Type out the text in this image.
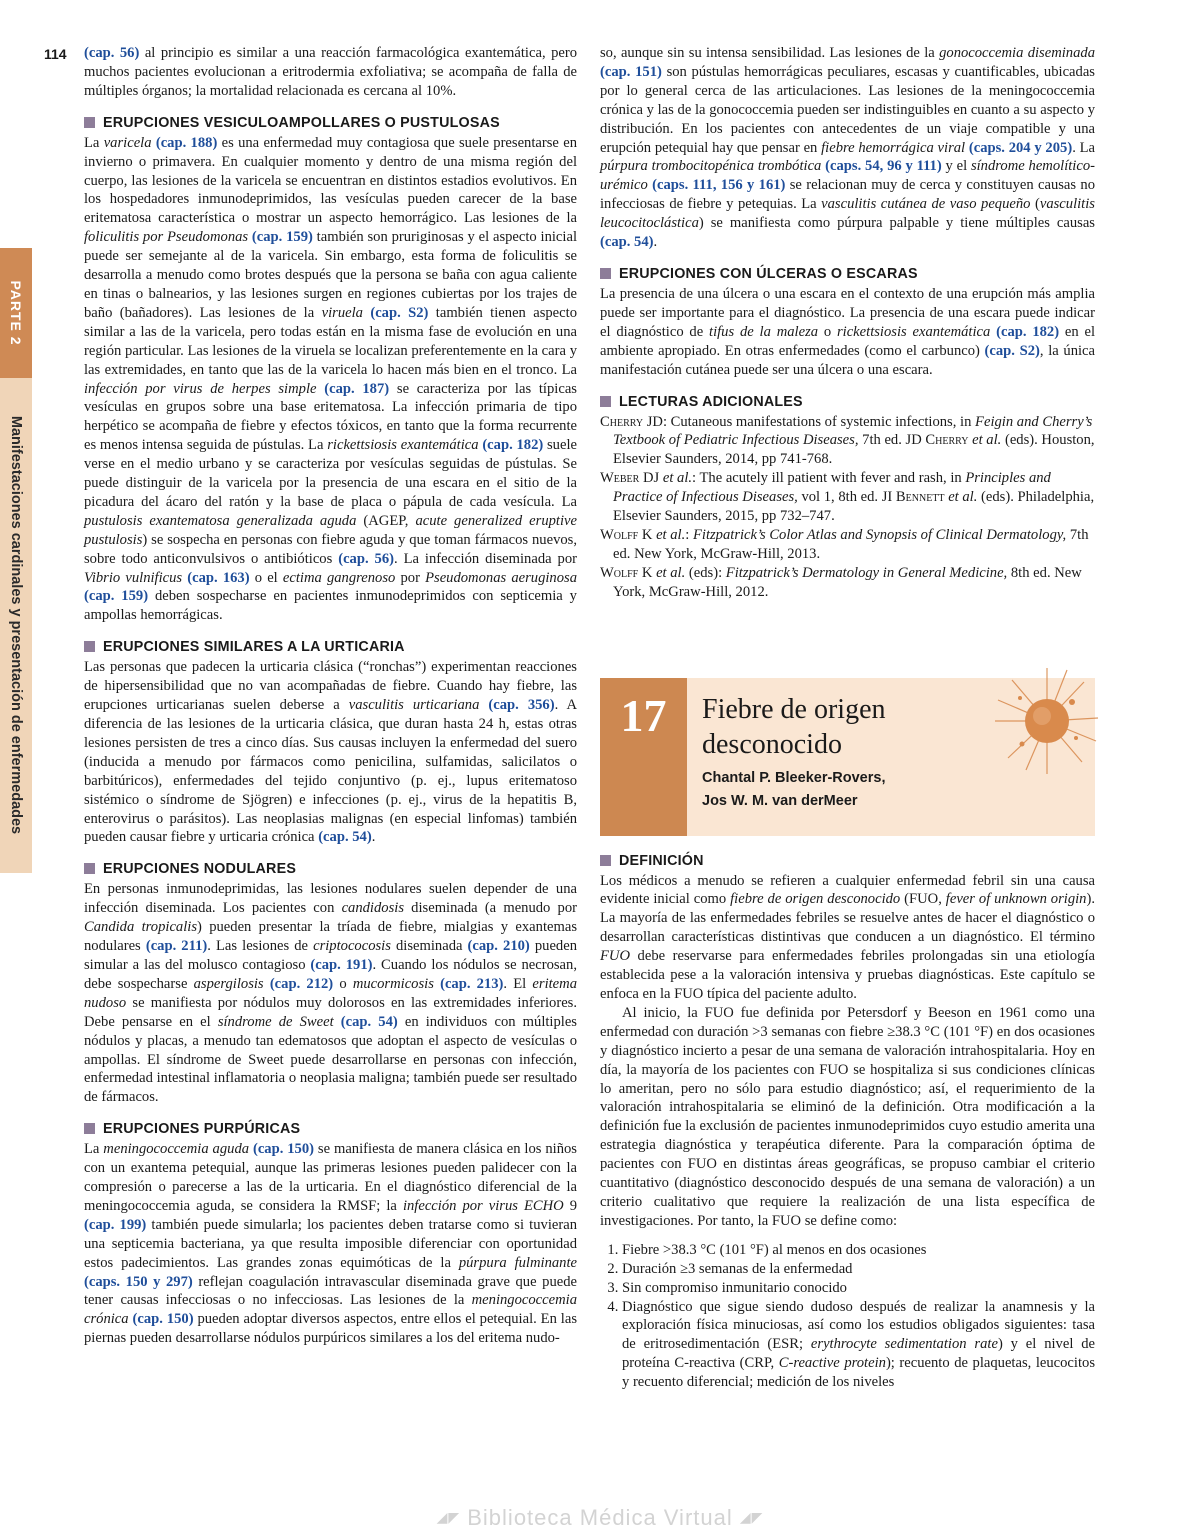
114
PARTE 2
Manifestaciones cardinales y presentación de enfermedades

(cap. 56) al principio es similar a una reacción farmacológica exantemática, pero muchos pacientes evolucionan a eritrodermia exfoliativa; se acompaña de falla de múltiples órganos; la mortalidad relacionada es cercana al 10%.

ERUPCIONES VESICULOAMPOLLARES O PUSTULOSAS

La varicela (cap. 188) es una enfermedad muy contagiosa que suele presentarse en invierno o primavera. En cualquier momento y dentro de una misma región del cuerpo, las lesiones de la varicela se encuentran en distintos estadios evolutivos. En los hospedadores inmunodeprimidos, las vesículas pueden carecer de la base eritematosa característica o mostrar un aspecto hemorrágico. Las lesiones de la foliculitis por Pseudomonas (cap. 159) también son pruriginosas y el aspecto inicial puede ser semejante al de la varicela. Sin embargo, esta forma de foliculitis se desarrolla a menudo como brotes después que la persona se baña con agua caliente en tinas o balnearios, y las lesiones surgen en regiones cubiertas por los trajes de baño (bañadores). Las lesiones de la viruela (cap. S2) también tienen aspecto similar a las de la varicela, pero todas están en la misma fase de evolución en una región particular. Las lesiones de la viruela se localizan preferentemente en la cara y las extremidades, en tanto que las de la varicela lo hacen más bien en el tronco. La infección por virus de herpes simple (cap. 187) se caracteriza por las típicas vesículas en grupos sobre una base eritematosa. La infección primaria de tipo herpético se acompaña de fiebre y efectos tóxicos, en tanto que la forma recurrente es menos intensa seguida de pústulas. La rickettsiosis exantemática (cap. 182) suele verse en el medio urbano y se caracteriza por vesículas seguidas de pústulas. Se puede distinguir de la varicela por la presencia de una escara en el sitio de la picadura del ácaro del ratón y la base de placa o pápula de cada vesícula. La pustulosis exantematosa generalizada aguda (AGEP, acute generalized eruptive pustulosis) se sospecha en personas con fiebre aguda y que toman fármacos nuevos, sobre todo anticonvulsivos o antibióticos (cap. 56). La infección diseminada por Vibrio vulnificus (cap. 163) o el ectima gangrenoso por Pseudomonas aeruginosa (cap. 159) deben sospecharse en pacientes inmunodeprimidos con septicemia y ampollas hemorrágicas.

ERUPCIONES SIMILARES A LA URTICARIA

Las personas que padecen la urticaria clásica (“ronchas”) experimentan reacciones de hipersensibilidad que no van acompañadas de fiebre. Cuando hay fiebre, las erupciones urticarianas suelen deberse a vasculitis urticariana (cap. 356). A diferencia de las lesiones de la urticaria clásica, que duran hasta 24 h, estas otras lesiones persisten de tres a cinco días. Sus causas incluyen la enfermedad del suero (inducida a menudo por fármacos como penicilina, sulfamidas, salicilatos o barbitúricos), enfermedades del tejido conjuntivo (p. ej., lupus eritematoso sistémico o síndrome de Sjögren) e infecciones (p. ej., virus de la hepatitis B, enterovirus o parásitos). Las neoplasias malignas (en especial linfomas) también pueden causar fiebre y urticaria crónica (cap. 54).

ERUPCIONES NODULARES

En personas inmunodeprimidas, las lesiones nodulares suelen depender de una infección diseminada. Los pacientes con candidosis diseminada (a menudo por Candida tropicalis) pueden presentar la tríada de fiebre, mialgias y exantemas nodulares (cap. 211). Las lesiones de criptococosis diseminada (cap. 210) pueden simular a las del molusco contagioso (cap. 191). Cuando los nódulos se necrosan, debe sospecharse aspergilosis (cap. 212) o mucormicosis (cap. 213). El eritema nudoso se manifiesta por nódulos muy dolorosos en las extremidades inferiores. Debe pensarse en el síndrome de Sweet (cap. 54) en individuos con múltiples nódulos y placas, a menudo tan edematosos que adoptan el aspecto de vesículas o ampollas. El síndrome de Sweet puede desarrollarse en personas con infección, enfermedad intestinal inflamatoria o neoplasia maligna; también puede ser resultado de fármacos.

ERUPCIONES PURPÚRICAS

La meningococcemia aguda (cap. 150) se manifiesta de manera clásica en los niños con un exantema petequial, aunque las primeras lesiones pueden palidecer con la compresión o parecerse a las de la urticaria. En el diagnóstico diferencial de la meningococcemia aguda, se considera la RMSF; la infección por virus ECHO 9 (cap. 199) también puede simularla; los pacientes deben tratarse como si tuvieran una septicemia bacteriana, ya que resulta imposible diferenciar con oportunidad estos padecimientos. Las grandes zonas equimóticas de la púrpura fulminante (caps. 150 y 297) reflejan coagulación intravascular diseminada grave que puede tener causas infecciosas o no infecciosas. Las lesiones de la meningococcemia crónica (cap. 150) pueden adoptar diversos aspectos, entre ellos el petequial. En las piernas pueden desarrollarse nódulos purpúricos similares a los del eritema nudo-

so, aunque sin su intensa sensibilidad. Las lesiones de la gonococcemia diseminada (cap. 151) son pústulas hemorrágicas peculiares, escasas y cuantificables, ubicadas por lo general cerca de las articulaciones. Las lesiones de la meningococcemia crónica y las de la gonococcemia pueden ser indistinguibles en cuanto a su aspecto y distribución. En los pacientes con antecedentes de un viaje compatible y una erupción petequial hay que pensar en fiebre hemorrágica viral (caps. 204 y 205). La púrpura trombocitopénica trombótica (caps. 54, 96 y 111) y el síndrome hemolítico-urémico (caps. 111, 156 y 161) se relacionan muy de cerca y constituyen causas no infecciosas de fiebre y petequias. La vasculitis cutánea de vaso pequeño (vasculitis leucocitoclástica) se manifiesta como púrpura palpable y tiene múltiples causas (cap. 54).

ERUPCIONES CON ÚLCERAS O ESCARAS

La presencia de una úlcera o una escara en el contexto de una erupción más amplia puede ser importante para el diagnóstico. La presencia de una escara puede indicar el diagnóstico de tifus de la maleza o rickettsiosis exantemática (cap. 182) en el ambiente apropiado. En otras enfermedades (como el carbunco) (cap. S2), la única manifestación cutánea puede ser una úlcera o una escara.

LECTURAS ADICIONALES

Cherry JD: Cutaneous manifestations of systemic infections, in Feigin and Cherry’s Textbook of Pediatric Infectious Diseases, 7th ed. JD Cherry et al. (eds). Houston, Elsevier Saunders, 2014, pp 741-768.

Weber DJ et al.: The acutely ill patient with fever and rash, in Principles and Practice of Infectious Diseases, vol 1, 8th ed. JI Bennett et al. (eds). Philadelphia, Elsevier Saunders, 2015, pp 732–747.

Wolff K et al.: Fitzpatrick’s Color Atlas and Synopsis of Clinical Dermatology, 7th ed. New York, McGraw-Hill, 2013.

Wolff K et al. (eds): Fitzpatrick’s Dermatology in General Medicine, 8th ed. New York, McGraw-Hill, 2012.

17	Fiebre de origen desconocido
Chantal P. Bleeker-Rovers,
Jos W. M. van derMeer
DEFINICIÓN

Los médicos a menudo se refieren a cualquier enfermedad febril sin una causa evidente inicial como fiebre de origen desconocido (FUO, fever of unknown origin). La mayoría de las enfermedades febriles se resuelve antes de hacer el diagnóstico o desarrollan características distintivas que conducen a un diagnóstico. El término FUO debe reservarse para enfermedades febriles prolongadas sin una etiología establecida pese a la valoración intensiva y pruebas diagnósticas. Este capítulo se enfoca en la FUO típica del paciente adulto.

Al inicio, la FUO fue definida por Petersdorf y Beeson en 1961 como una enfermedad con duración >3 semanas con fiebre ≥38.3 °C (101 °F) en dos ocasiones y diagnóstico incierto a pesar de una semana de valoración intrahospitalaria. Hoy en día, la mayoría de los pacientes con FUO se hospitaliza si sus condiciones clínicas lo ameritan, pero no sólo para estudio diagnóstico; así, el requerimiento de la valoración intrahospitalaria se eliminó de la definición. Otra modificación a la definición fue la exclusión de pacientes inmunodeprimidos cuyo estudio amerita una estrategia diagnóstica y terapéutica diferente. Para la comparación óptima de pacientes con FUO en distintas áreas geográficas, se propuso cambiar el criterio cuantitativo (diagnóstico desconocido después de una semana de valoración) a un criterio cualitativo que requiere la realización de una lista específica de investigaciones. Por tanto, la FUO se define como:

1. Fiebre >38.3 °C (101 °F) al menos en dos ocasiones
2. Duración ≥3 semanas de la enfermedad
3. Sin compromiso inmunitario conocido
4. Diagnóstico que sigue siendo dudoso después de realizar la anamnesis y la exploración física minuciosas, así como los estudios obligados siguientes: tasa de eritrosedimentación (ESR; erythrocyte sedimentation rate) y el nivel de proteína C-reactiva (CRP, C-reactive protein); recuento de plaquetas, leucocitos y recuento diferencial; medición de los niveles
◢◤ Biblioteca Médica Virtual ◢◤
